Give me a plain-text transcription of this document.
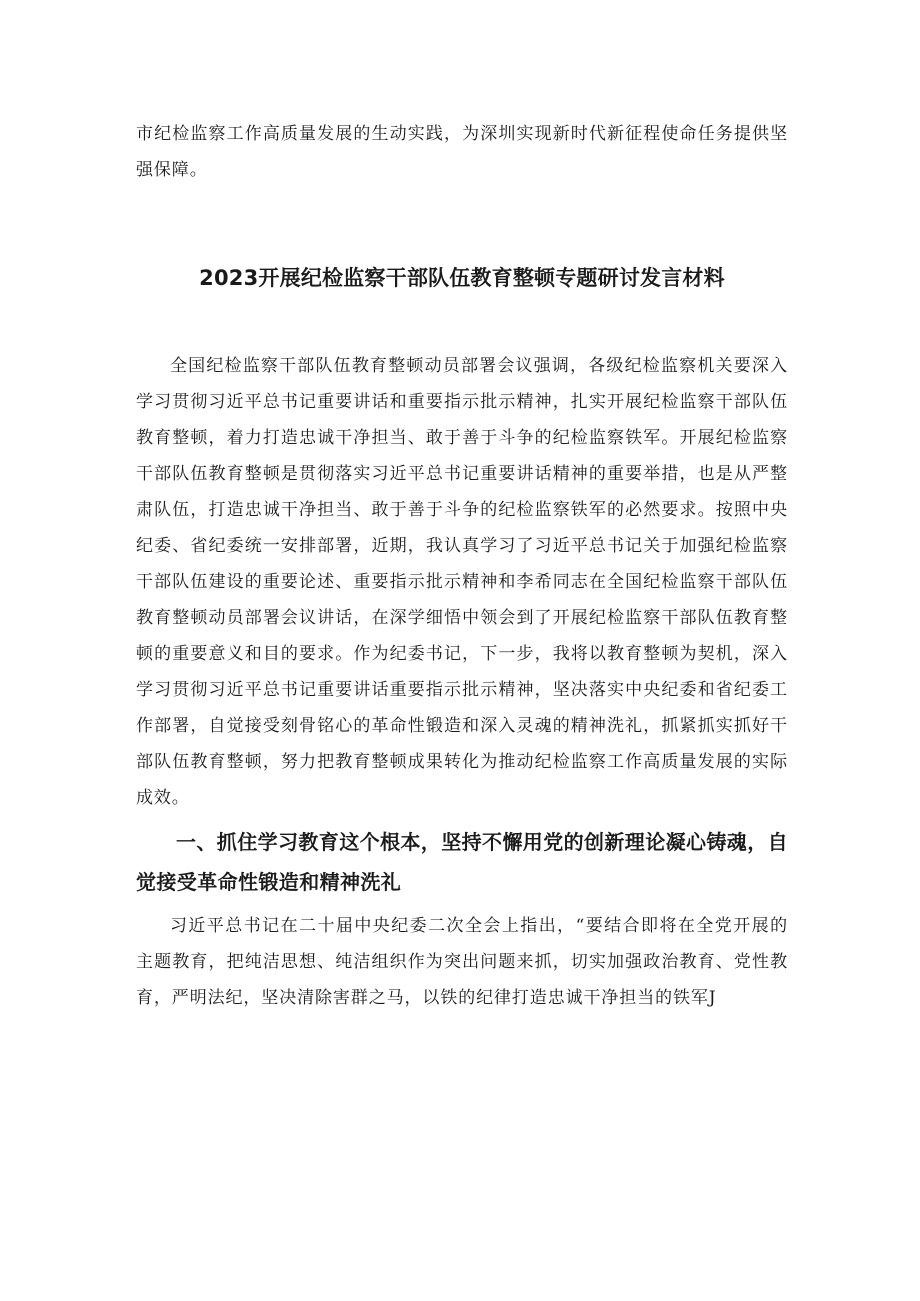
市纪检监察工作高质量发展的生动实践，为深圳实现新时代新征程使命任务提供坚强保障。

2023开展纪检监察干部队伍教育整顿专题研讨发言材料

全国纪检监察干部队伍教育整顿动员部署会议强调，各级纪检监察机关要深入学习贯彻习近平总书记重要讲话和重要指示批示精神，扎实开展纪检监察干部队伍教育整顿，着力打造忠诚干净担当、敢于善于斗争的纪检监察铁军。开展纪检监察干部队伍教育整顿是贯彻落实习近平总书记重要讲话精神的重要举措，也是从严整肃队伍，打造忠诚干净担当、敢于善于斗争的纪检监察铁军的必然要求。按照中央纪委、省纪委统一安排部署，近期，我认真学习了习近平总书记关于加强纪检监察干部队伍建设的重要论述、重要指示批示精神和李希同志在全国纪检监察干部队伍教育整顿动员部署会议讲话，在深学细悟中领会到了开展纪检监察干部队伍教育整顿的重要意义和目的要求。作为纪委书记，下一步，我将以教育整顿为契机，深入学习贯彻习近平总书记重要讲话重要指示批示精神，坚决落实中央纪委和省纪委工作部署，自觉接受刻骨铭心的革命性锻造和深入灵魂的精神洗礼，抓紧抓实抓好干部队伍教育整顿，努力把教育整顿成果转化为推动纪检监察工作高质量发展的实际成效。

一、抓住学习教育这个根本，坚持不懈用党的创新理论凝心铸魂，自觉接受革命性锻造和精神洗礼

习近平总书记在二十届中央纪委二次全会上指出，“要结合即将在全党开展的主题教育，把纯洁思想、纯洁组织作为突出问题来抓，切实加强政治教育、党性教育，严明法纪，坚决清除害群之马，以铁的纪律打造忠诚干净担当的铁军J
